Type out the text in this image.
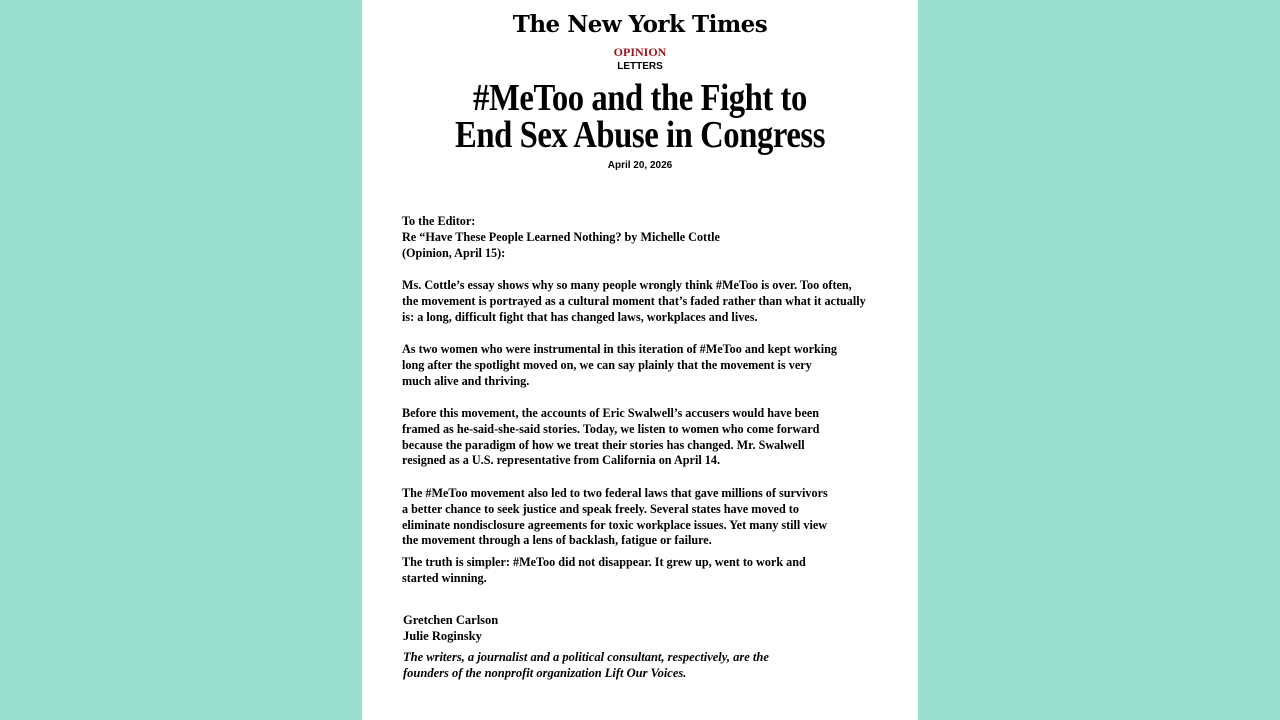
The New York Times
OPINION
LETTERS
#MeToo and the Fight to
End Sex Abuse in Congress
April 20, 2026

To the Editor:
Re “Have These People Learned Nothing? by Michelle Cottle
(Opinion, April 15):

Ms. Cottle’s essay shows why so many people wrongly think #MeToo is over. Too often,
the movement is portrayed as a cultural moment that’s faded rather than what it actually
is: a long, difficult fight that has changed laws, workplaces and lives.

As two women who were instrumental in this iteration of #MeToo and kept working
long after the spotlight moved on, we can say plainly that the movement is very
much alive and thriving.

Before this movement, the accounts of Eric Swalwell’s accusers would have been
framed as he-said-she-said stories. Today, we listen to women who come forward
because the paradigm of how we treat their stories has changed. Mr. Swalwell
resigned as a U.S. representative from California on April 14.

The #MeToo movement also led to two federal laws that gave millions of survivors
a better chance to seek justice and speak freely. Several states have moved to
eliminate nondisclosure agreements for toxic workplace issues. Yet many still view
the movement through a lens of backlash, fatigue or failure.

The truth is simpler: #MeToo did not disappear. It grew up, went to work and
started winning.

Gretchen Carlson
Julie Roginsky

The writers, a journalist and a political consultant, respectively, are the
founders of the nonprofit organization Lift Our Voices.
